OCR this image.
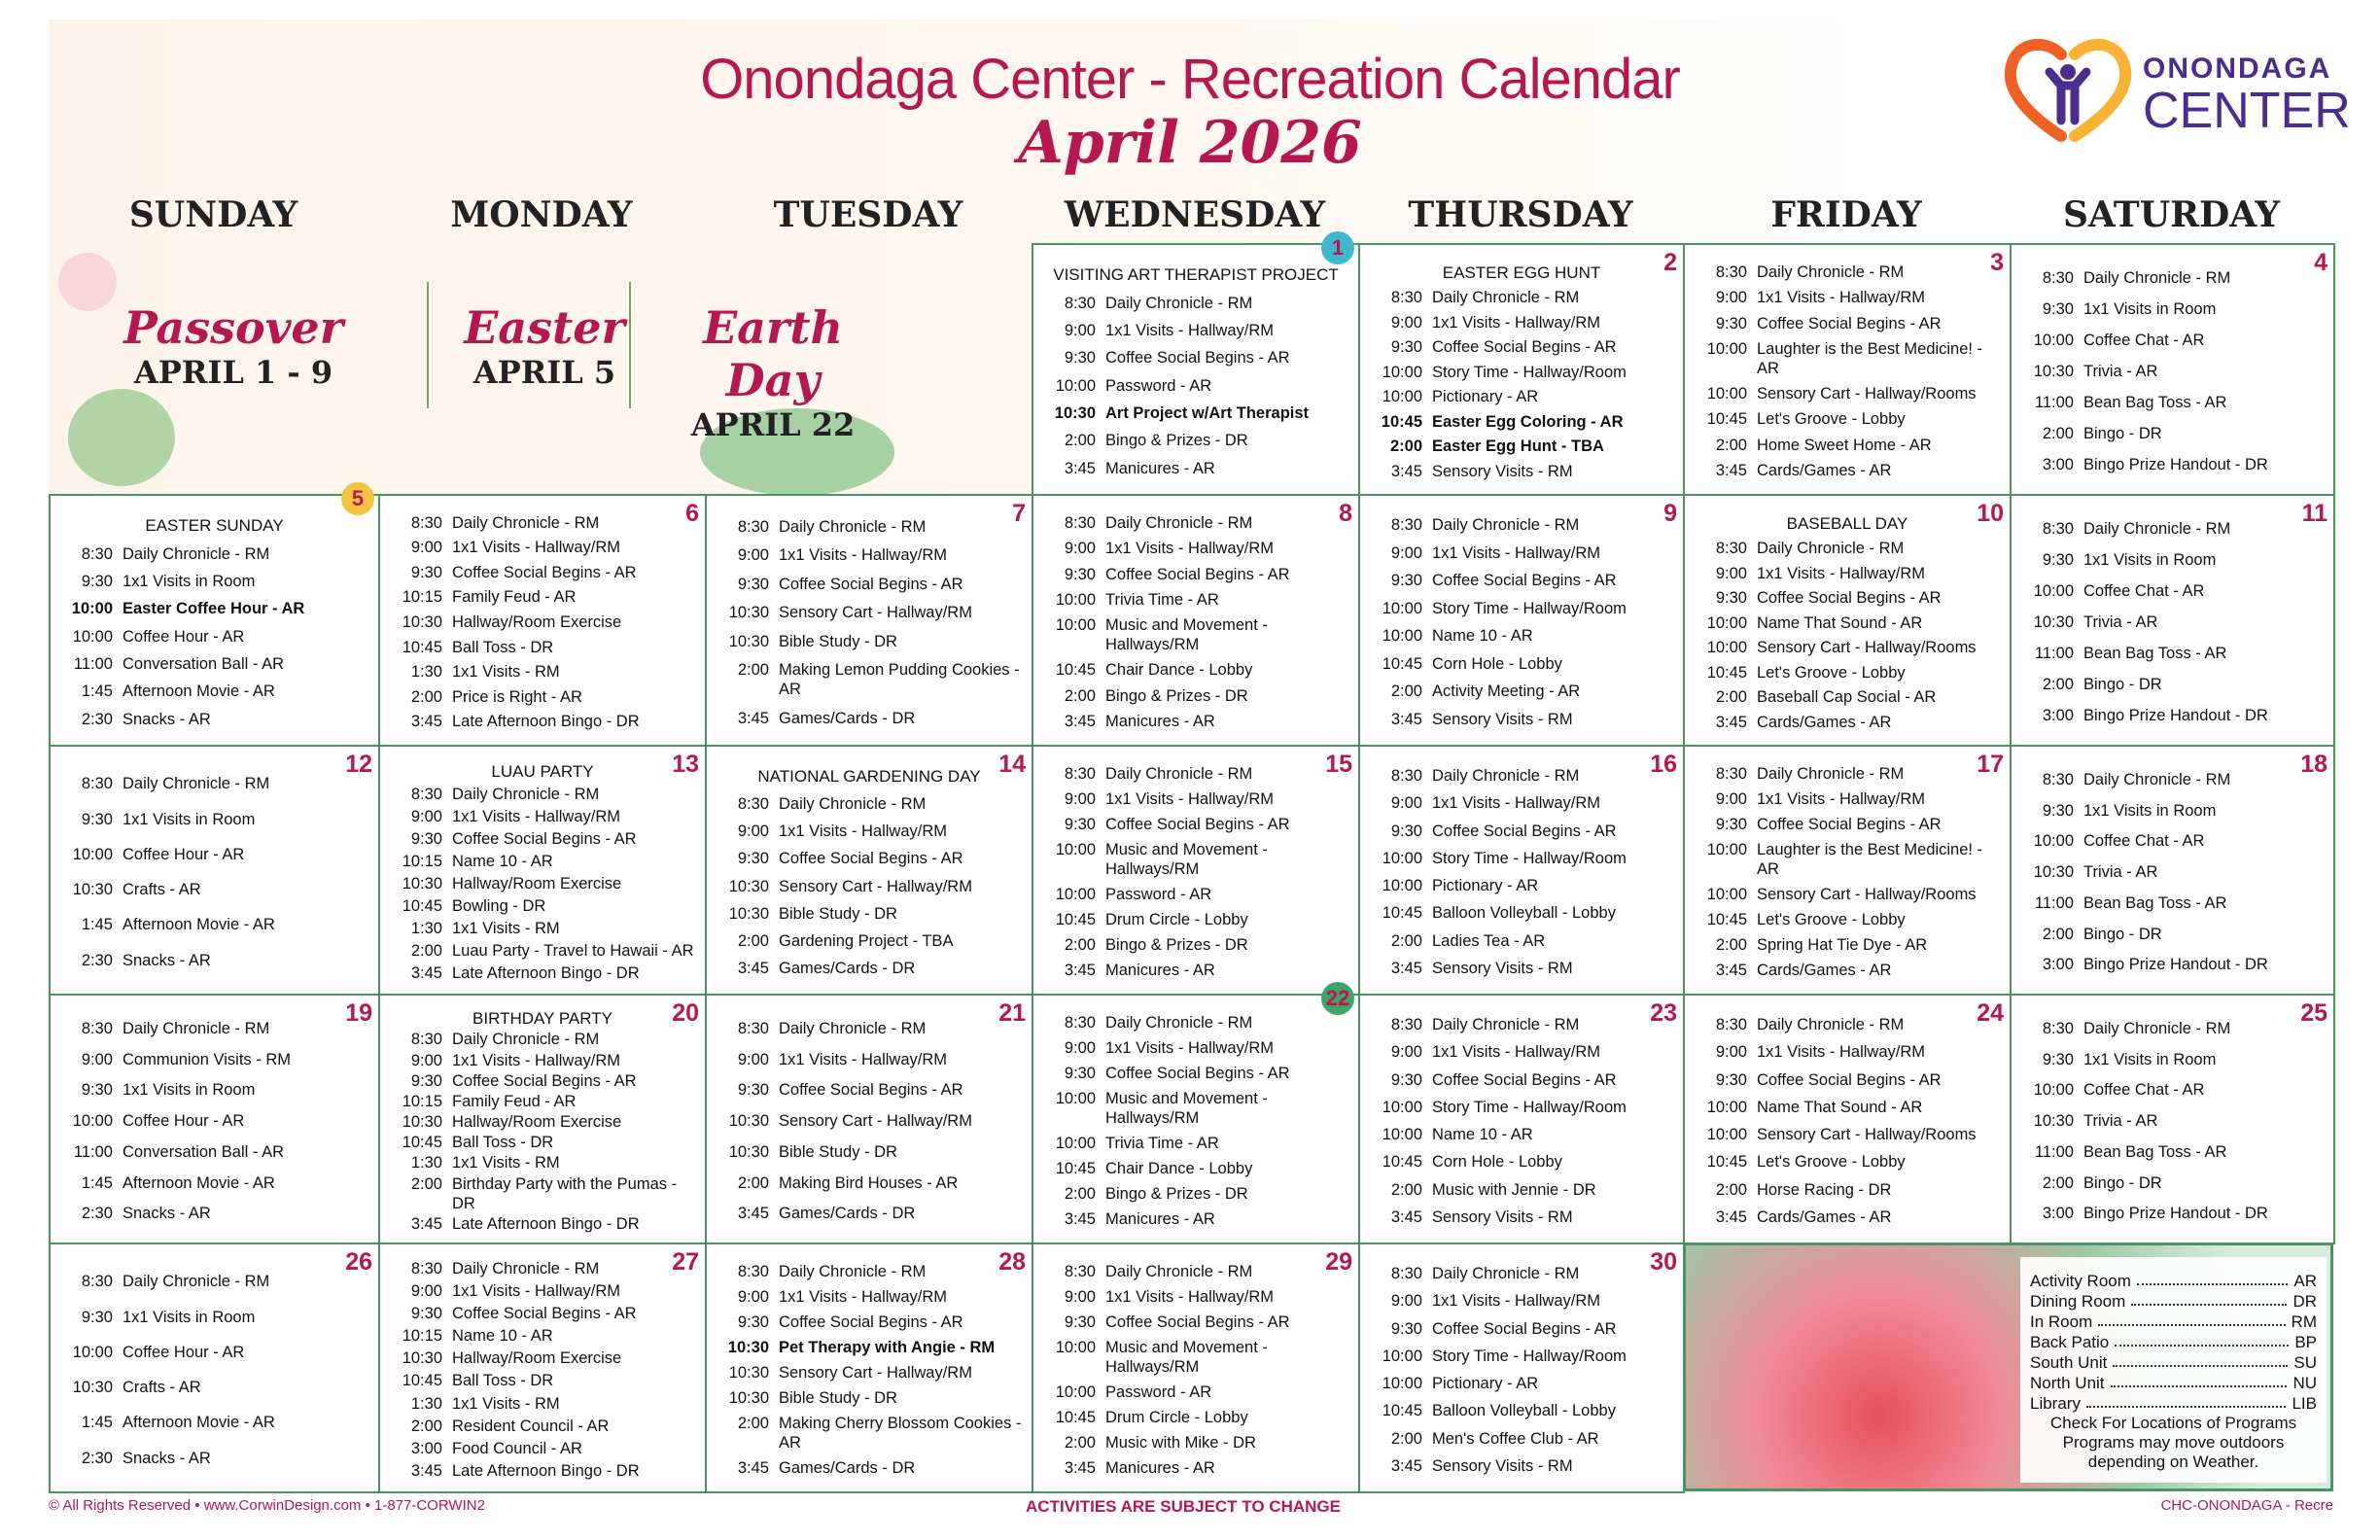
Onondaga Center - Recreation Calendar
April 2026
ONONDAGA
CENTER
SUNDAY	MONDAY	TUESDAY	WEDNESDAY	THURSDAY	FRIDAY	SATURDAY
Passover
APRIL 1 - 9
Easter
APRIL 5
Earth Day
APRIL 22
1
VISITING ART THERAPIST PROJECT
8:30 Daily Chronicle - RM
9:00 1x1 Visits - Hallway/RM
9:30 Coffee Social Begins - AR
10:00 Password - AR
10:30 Art Project w/Art Therapist
2:00 Bingo & Prizes - DR
3:45 Manicures - AR
2
EASTER EGG HUNT
8:30 Daily Chronicle - RM
9:00 1x1 Visits - Hallway/RM
9:30 Coffee Social Begins - AR
10:00 Story Time - Hallway/Room
10:00 Pictionary - AR
10:45 Easter Egg Coloring - AR
2:00 Easter Egg Hunt - TBA
3:45 Sensory Visits - RM
3
8:30 Daily Chronicle - RM
9:00 1x1 Visits - Hallway/RM
9:30 Coffee Social Begins - AR
10:00 Laughter is the Best Medicine! - AR
10:00 Sensory Cart - Hallway/Rooms
10:45 Let's Groove - Lobby
2:00 Home Sweet Home - AR
3:45 Cards/Games - AR
4
8:30 Daily Chronicle - RM
9:30 1x1 Visits in Room
10:00 Coffee Chat - AR
10:30 Trivia - AR
11:00 Bean Bag Toss - AR
2:00 Bingo - DR
3:00 Bingo Prize Handout - DR
5
EASTER SUNDAY
8:30 Daily Chronicle - RM
9:30 1x1 Visits in Room
10:00 Easter Coffee Hour - AR
10:00 Coffee Hour - AR
11:00 Conversation Ball - AR
1:45 Afternoon Movie - AR
2:30 Snacks - AR
6
8:30 Daily Chronicle - RM
9:00 1x1 Visits - Hallway/RM
9:30 Coffee Social Begins - AR
10:15 Family Feud - AR
10:30 Hallway/Room Exercise
10:45 Ball Toss - DR
1:30 1x1 Visits - RM
2:00 Price is Right - AR
3:45 Late Afternoon Bingo - DR
7
8:30 Daily Chronicle - RM
9:00 1x1 Visits - Hallway/RM
9:30 Coffee Social Begins - AR
10:30 Sensory Cart - Hallway/RM
10:30 Bible Study - DR
2:00 Making Lemon Pudding Cookies - AR
3:45 Games/Cards - DR
8
8:30 Daily Chronicle - RM
9:00 1x1 Visits - Hallway/RM
9:30 Coffee Social Begins - AR
10:00 Trivia Time - AR
10:00 Music and Movement - Hallways/RM
10:45 Chair Dance - Lobby
2:00 Bingo & Prizes - DR
3:45 Manicures - AR
9
8:30 Daily Chronicle - RM
9:00 1x1 Visits - Hallway/RM
9:30 Coffee Social Begins - AR
10:00 Story Time - Hallway/Room
10:00 Name 10 - AR
10:45 Corn Hole - Lobby
2:00 Activity Meeting - AR
3:45 Sensory Visits - RM
10
BASEBALL DAY
8:30 Daily Chronicle - RM
9:00 1x1 Visits - Hallway/RM
9:30 Coffee Social Begins - AR
10:00 Name That Sound - AR
10:00 Sensory Cart - Hallway/Rooms
10:45 Let's Groove - Lobby
2:00 Baseball Cap Social - AR
3:45 Cards/Games - AR
11
8:30 Daily Chronicle - RM
9:30 1x1 Visits in Room
10:00 Coffee Chat - AR
10:30 Trivia - AR
11:00 Bean Bag Toss - AR
2:00 Bingo - DR
3:00 Bingo Prize Handout - DR
12
8:30 Daily Chronicle - RM
9:30 1x1 Visits in Room
10:00 Coffee Hour - AR
10:30 Crafts - AR
1:45 Afternoon Movie - AR
2:30 Snacks - AR
13
LUAU PARTY
8:30 Daily Chronicle - RM
9:00 1x1 Visits - Hallway/RM
9:30 Coffee Social Begins - AR
10:15 Name 10 - AR
10:30 Hallway/Room Exercise
10:45 Bowling - DR
1:30 1x1 Visits - RM
2:00 Luau Party - Travel to Hawaii - AR
3:45 Late Afternoon Bingo - DR
14
NATIONAL GARDENING DAY
8:30 Daily Chronicle - RM
9:00 1x1 Visits - Hallway/RM
9:30 Coffee Social Begins - AR
10:30 Sensory Cart - Hallway/RM
10:30 Bible Study - DR
2:00 Gardening Project - TBA
3:45 Games/Cards - DR
15
8:30 Daily Chronicle - RM
9:00 1x1 Visits - Hallway/RM
9:30 Coffee Social Begins - AR
10:00 Music and Movement - Hallways/RM
10:00 Password - AR
10:45 Drum Circle - Lobby
2:00 Bingo & Prizes - DR
3:45 Manicures - AR
16
8:30 Daily Chronicle - RM
9:00 1x1 Visits - Hallway/RM
9:30 Coffee Social Begins - AR
10:00 Story Time - Hallway/Room
10:00 Pictionary - AR
10:45 Balloon Volleyball - Lobby
2:00 Ladies Tea - AR
3:45 Sensory Visits - RM
17
8:30 Daily Chronicle - RM
9:00 1x1 Visits - Hallway/RM
9:30 Coffee Social Begins - AR
10:00 Laughter is the Best Medicine! - AR
10:00 Sensory Cart - Hallway/Rooms
10:45 Let's Groove - Lobby
2:00 Spring Hat Tie Dye - AR
3:45 Cards/Games - AR
18
8:30 Daily Chronicle - RM
9:30 1x1 Visits in Room
10:00 Coffee Chat - AR
10:30 Trivia - AR
11:00 Bean Bag Toss - AR
2:00 Bingo - DR
3:00 Bingo Prize Handout - DR
19
8:30 Daily Chronicle - RM
9:00 Communion Visits - RM
9:30 1x1 Visits in Room
10:00 Coffee Hour - AR
11:00 Conversation Ball - AR
1:45 Afternoon Movie - AR
2:30 Snacks - AR
20
BIRTHDAY PARTY
8:30 Daily Chronicle - RM
9:00 1x1 Visits - Hallway/RM
9:30 Coffee Social Begins - AR
10:15 Family Feud - AR
10:30 Hallway/Room Exercise
10:45 Ball Toss - DR
1:30 1x1 Visits - RM
2:00 Birthday Party with the Pumas - DR
3:45 Late Afternoon Bingo - DR
21
8:30 Daily Chronicle - RM
9:00 1x1 Visits - Hallway/RM
9:30 Coffee Social Begins - AR
10:30 Sensory Cart - Hallway/RM
10:30 Bible Study - DR
2:00 Making Bird Houses - AR
3:45 Games/Cards - DR
22
8:30 Daily Chronicle - RM
9:00 1x1 Visits - Hallway/RM
9:30 Coffee Social Begins - AR
10:00 Music and Movement - Hallways/RM
10:00 Trivia Time - AR
10:45 Chair Dance - Lobby
2:00 Bingo & Prizes - DR
3:45 Manicures - AR
23
8:30 Daily Chronicle - RM
9:00 1x1 Visits - Hallway/RM
9:30 Coffee Social Begins - AR
10:00 Story Time - Hallway/Room
10:00 Name 10 - AR
10:45 Corn Hole - Lobby
2:00 Music with Jennie - DR
3:45 Sensory Visits - RM
24
8:30 Daily Chronicle - RM
9:00 1x1 Visits - Hallway/RM
9:30 Coffee Social Begins - AR
10:00 Name That Sound - AR
10:00 Sensory Cart - Hallway/Rooms
10:45 Let's Groove - Lobby
2:00 Horse Racing - DR
3:45 Cards/Games - AR
25
8:30 Daily Chronicle - RM
9:30 1x1 Visits in Room
10:00 Coffee Chat - AR
10:30 Trivia - AR
11:00 Bean Bag Toss - AR
2:00 Bingo - DR
3:00 Bingo Prize Handout - DR
26
8:30 Daily Chronicle - RM
9:30 1x1 Visits in Room
10:00 Coffee Hour - AR
10:30 Crafts - AR
1:45 Afternoon Movie - AR
2:30 Snacks - AR
27
8:30 Daily Chronicle - RM
9:00 1x1 Visits - Hallway/RM
9:30 Coffee Social Begins - AR
10:15 Name 10 - AR
10:30 Hallway/Room Exercise
10:45 Ball Toss - DR
1:30 1x1 Visits - RM
2:00 Resident Council - AR
3:00 Food Council - AR
3:45 Late Afternoon Bingo - DR
28
8:30 Daily Chronicle - RM
9:00 1x1 Visits - Hallway/RM
9:30 Coffee Social Begins - AR
10:30 Pet Therapy with Angie - RM
10:30 Sensory Cart - Hallway/RM
10:30 Bible Study - DR
2:00 Making Cherry Blossom Cookies - AR
3:45 Games/Cards - DR
29
8:30 Daily Chronicle - RM
9:00 1x1 Visits - Hallway/RM
9:30 Coffee Social Begins - AR
10:00 Music and Movement - Hallways/RM
10:00 Password - AR
10:45 Drum Circle - Lobby
2:00 Music with Mike - DR
3:45 Manicures - AR
30
8:30 Daily Chronicle - RM
9:00 1x1 Visits - Hallway/RM
9:30 Coffee Social Begins - AR
10:00 Story Time - Hallway/Room
10:00 Pictionary - AR
10:45 Balloon Volleyball - Lobby
2:00 Men's Coffee Club - AR
3:45 Sensory Visits - RM
Activity Room	AR
Dining Room	DR
In Room	RM
Back Patio	BP
South Unit	SU
North Unit	NU
Library	LIB
Check For Locations of Programs
Programs may move outdoors
depending on Weather.
© All Rights Reserved • www.CorwinDesign.com • 1-877-CORWIN2	ACTIVITIES ARE SUBJECT TO CHANGE	CHC-ONONDAGA - Recre
